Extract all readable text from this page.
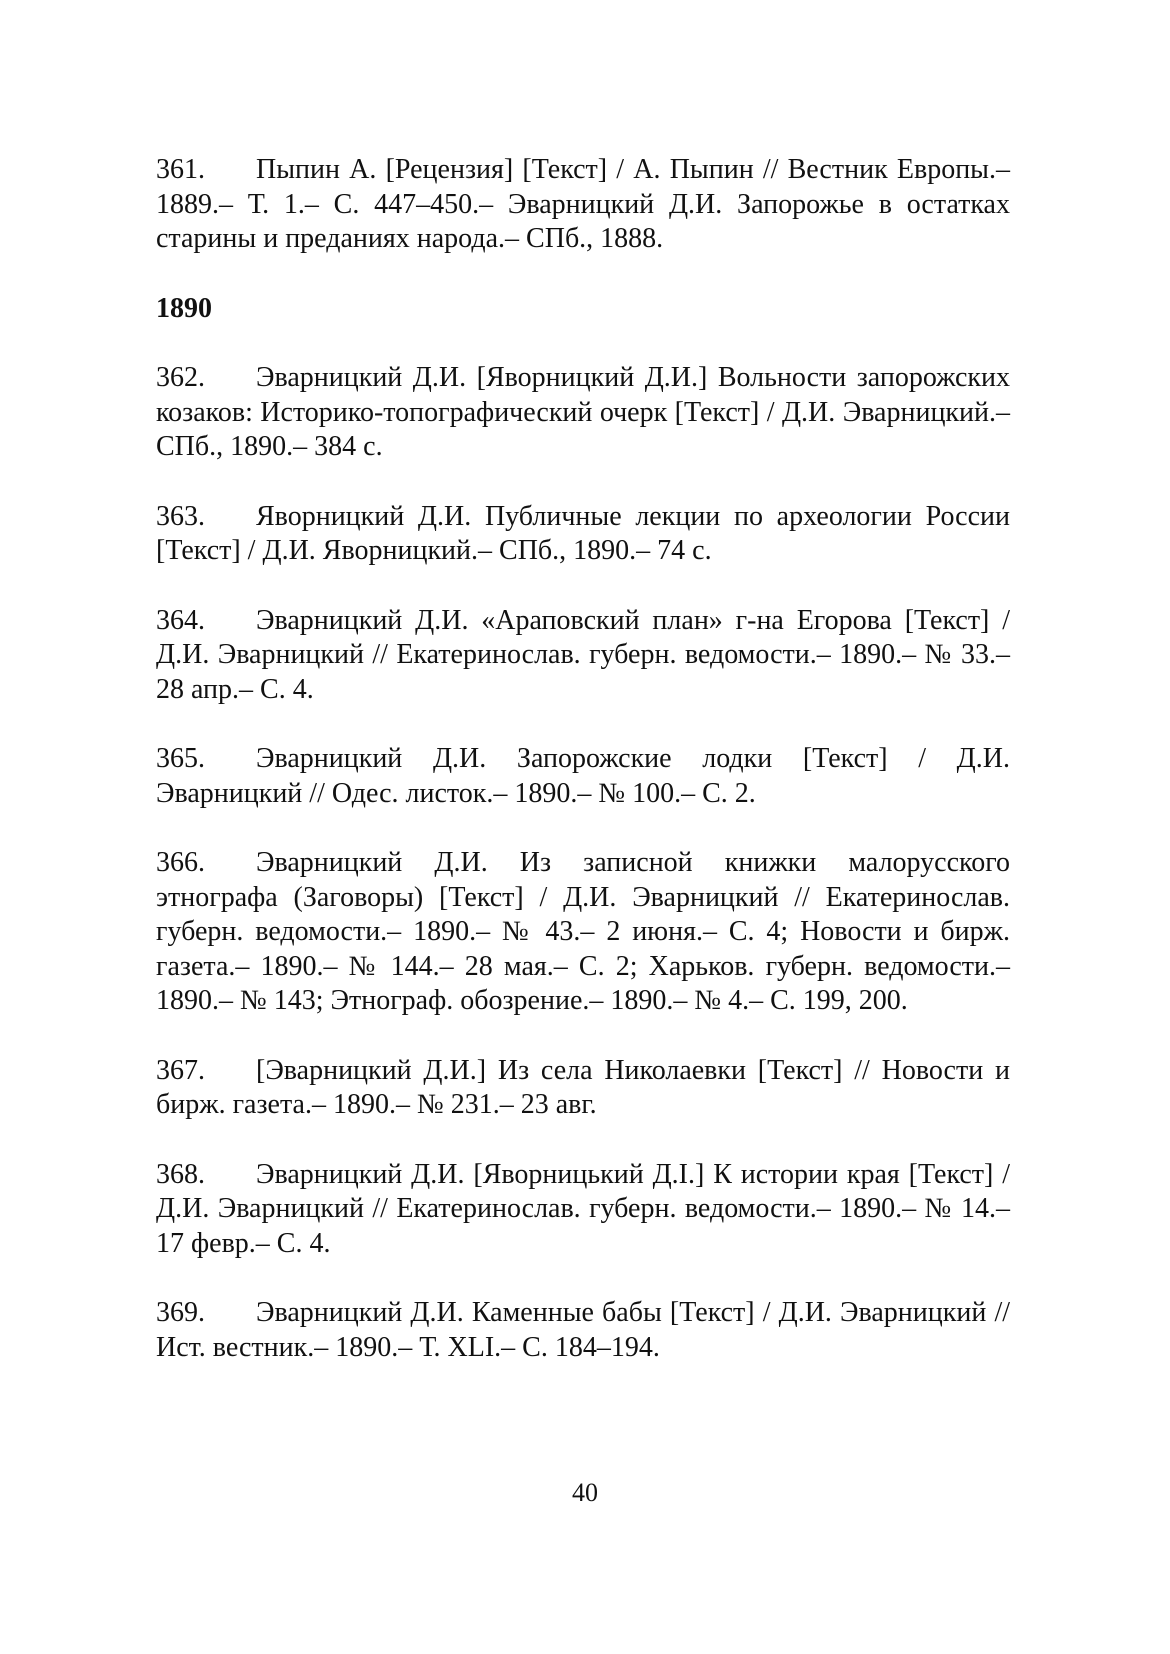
361. Пыпин А. [Рецензия] [Текст] / А. Пыпин // Вестник Европы.– 1889.– Т. 1.– С. 447–450.– Эварницкий Д.И. Запорожье в остатках старины и преданиях народа.– СПб., 1888.

1890

362. Эварницкий Д.И. [Яворницкий Д.И.] Вольности запорожских козаков: Историко-топографический очерк [Текст] / Д.И. Эварницкий.– СПб., 1890.– 384 с.

363. Яворницкий Д.И. Публичные лекции по археологии России [Текст] / Д.И. Яворницкий.– СПб., 1890.– 74 с.

364. Эварницкий Д.И. «Араповский план» г-на Егорова [Текст] / Д.И. Эварницкий // Екатеринослав. губерн. ведомости.– 1890.– № 33.– 28 апр.– С. 4.

365. Эварницкий Д.И. Запорожские лодки [Текст] / Д.И. Эварницкий // Одес. листок.– 1890.– № 100.– С. 2.

366. Эварницкий Д.И. Из записной книжки малорусского этнографа (Заговоры) [Текст] / Д.И. Эварницкий // Екатеринослав. губерн. ведомости.– 1890.– № 43.– 2 июня.– С. 4; Новости и бирж. газета.– 1890.– № 144.– 28 мая.– С. 2; Харьков. губерн. ведомости.– 1890.– № 143; Этнограф. обозрение.– 1890.– № 4.– С. 199, 200.

367. [Эварницкий Д.И.] Из села Николаевки [Текст] // Новости и бирж. газета.– 1890.– № 231.– 23 авг.

368. Эварницкий Д.И. [Яворницький Д.І.] К истории края [Текст] / Д.И. Эварницкий // Екатеринослав. губерн. ведомости.– 1890.– № 14.– 17 февр.– С. 4.

369. Эварницкий Д.И. Каменные бабы [Текст] / Д.И. Эварницкий // Ист. вестник.– 1890.– Т. XLI.– С. 184–194.

40
